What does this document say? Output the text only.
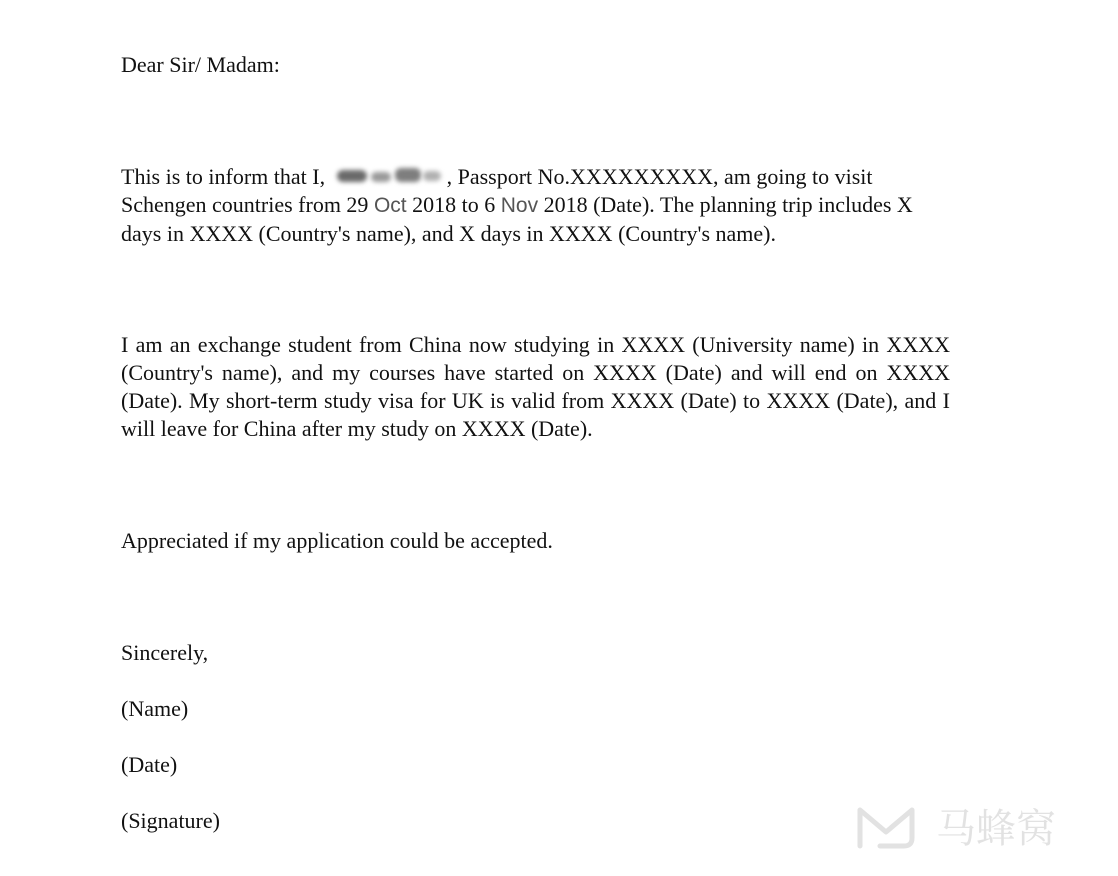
Dear Sir/ Madam:
This is to inform that I,	, Passport No.XXXXXXXXX, am going to visit Schengen countries from 29 Oct 2018 to 6 Nov 2018 (Date). The planning trip includes X days in XXXX (Country's name), and X days in XXXX (Country's name).
I am an exchange student from China now studying in XXXX (University name) in XXXX (Country's name), and my courses have started on XXXX (Date) and will end on XXXX (Date). My short-term study visa for UK is valid from XXXX (Date) to XXXX (Date), and I will leave for China after my study on XXXX (Date).
Appreciated if my application could be accepted.
Sincerely,
(Name)
(Date)
(Signature)	马蜂窝
